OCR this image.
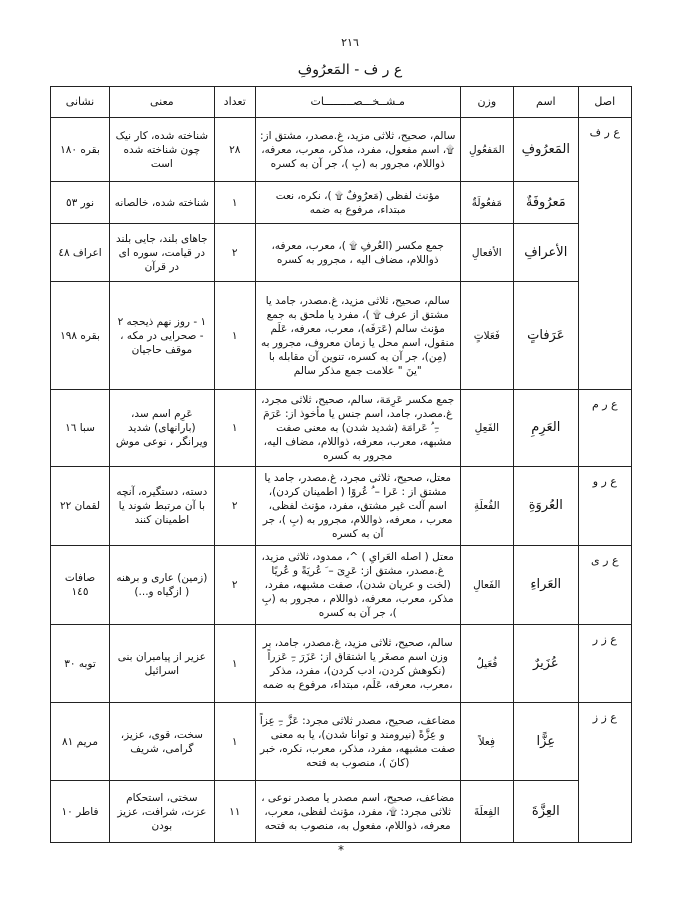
٢١٦
ع ر ف - المَعرُوفِ
اصل	اسم	وزن	مـشــخـــصـــــــــات	تعداد	معنی	نشانی
ع ر ف	المَعرُوفِ	المَفعُولِ	سالم، صحیح، ثلاثی مزید، غ.مصدر، مشتق از: ۩، اسم مفعول، مفرد، مذکر، معرب، معرفه، ذواللام، مجرور به (بِ )، جر آن به کسره	٢٨	شناخته شده، کار نیک چون شناخته شده است	بقره ١٨٠
	مَعرُوفَةٌ	مَفعُولَةٌ	مؤنث لفظی (مَعرُوفٌ ۩ )، نکره، نعت مبتداء، مرفوع به ضمه	١	شناخته شده، خالصانه	نور ٥٣
	الأعرافِ	الأفعالِ	جمع مکسر (العُرفِ ۩ )، معرب، معرفه، ذواللام، مضاف الیه ، مجرور به کسره	٢	جاهای بلند، جایی بلند در قیامت، سوره ای در قرآن	اعراف ٤٨
	عَرَفاتٍ	فَعَلاتٍ	سالم، صحیح، ثلاثی مزید، غ.مصدر، جامد یا مشتق از عرف ۩ )، مفرد یا ملحق به جمع مؤنث سالم (عَرَفَه)، معرب، معرفه، عَلَم منقول، اسم محل یا زمان معروف، مجرور به (مِن)، جر آن به کسره، تنوین آن مقابله با "ینَ " علامت جمع مذکر سالم	١	١ - روز نهم ذیحجه ٢ - صحرایی در مکه ، موقف حاجیان	بقره ١٩٨
ع ر م	العَرِمِ	الفَعِلِ	جمع مکسر عَرِمَة، سالم، صحیح، ثلاثی مجرد، غ.مصدر، جامد، اسم جنس یا مأخوذ از: عَرَمَ –ِ ُ عَرامَة (شدید شدن) به معنی صفت مشبهه، معرب، معرفه، ذواللام، مضاف الیه، مجرور به کسره	١	عَرِم اسم سد، (بارانهای) شدید ویرانگر ، نوعی موش	سبا ١٦
ع ر و	العُروَةِ	الفُعلَةِ	معتل، صحیح، ثلاثی مجرد، غ.مصدر، جامد یا مشتق از : عَرا – ُ عُروًا ( اطمینان کردن)، اسم آلت غیر مشتق، مفرد، مؤنث لفظی، معرب ، معرفه، ذواللام، مجرور به (بِ )، جر آن به کسره	٢	دسته، دستگیره، آنچه با آن مرتبط شوند یا اطمینان کنند	لقمان ٢٢
ع ر ی	العَراءِ	الفَعالِ	معتل ( اصله العَرایِ ) ^، ممدود، ثلاثی مزید، غ.مصدر، مشتق از: عَرِیَ – َ عُریَةً و عُریًا (لخت و عریان شدن)، صفت مشبهه، مفرد، مذکر، معرب، معرفه، ذواللام ، مجرور به (بِ )، جر آن به کسره	٢	(زمین) عاری و برهنه ( ازگیاه و...)	صافات ١٤٥
ع ز ر	عُزَیرٌ	فُعَیلٌ	سالم، صحیح، ثلاثی مزید، غ.مصدر، جامد، بر وزن اسم مصغَر یا اشتقاق از: عَزَرَ –ِ عَزراً (نکوهش کردن، ادب کردن)، مفرد، مذکر ،معرب، معرفه، عَلَم، مبتداء، مرفوع به ضمه	١	عزیر از پیامبران بنی اسرائیل	توبه ٣٠
ع ز ز	عِزًّا	فِعلاً	مضاعف، صحیح، مصدر ثلاثی مجرد: عَزَّ –ِ عِزاً و عِزَّةً (نیرومند و توانا شدن)، یا به معنی صفت مشبهه، مفرد، مذکر، معرب، نکره، خبر (کانَ )، منصوب به فتحه	١	سخت، قوی، عزیز، گرامی، شریف	مریم ٨١
	العِزَّةَ	الفِعلَةَ	مضاعف، صحیح، اسم مصدر یا مصدر نوعی ، ثلاثی مجرد: ۩، مفرد، مؤنث لفظی، معرب، معرفه، ذواللام، مفعول به، منصوب به فتحه	١١	سختی، استحکام عزت، شرافت، عزیز بودن	فاطر ١٠
*
